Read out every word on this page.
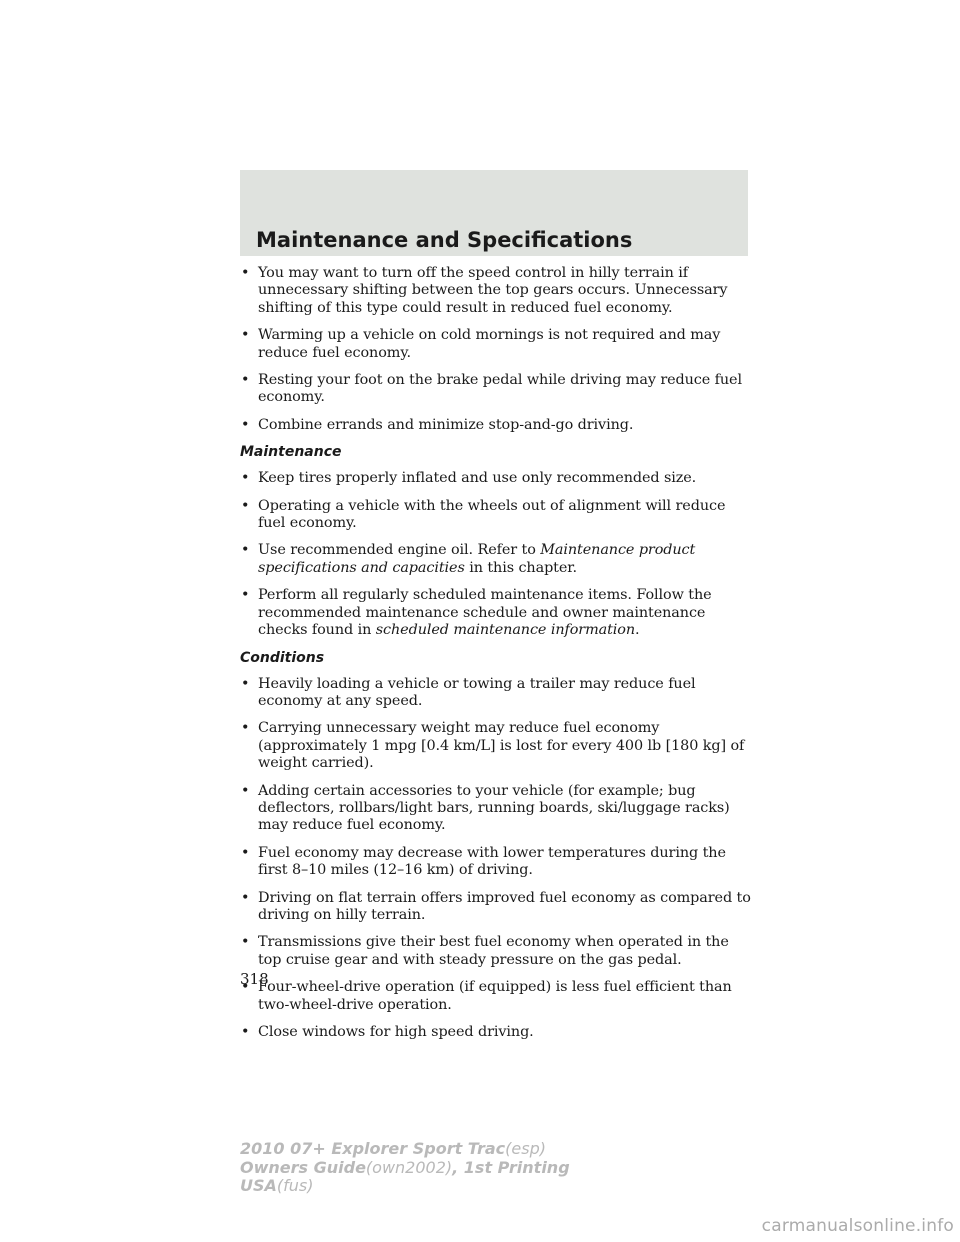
Maintenance and Specifications
• You may want to turn off the speed control in hilly terrain if unnecessary shifting between the top gears occurs. Unnecessary shifting of this type could result in reduced fuel economy.
• Warming up a vehicle on cold mornings is not required and may reduce fuel economy.
• Resting your foot on the brake pedal while driving may reduce fuel economy.
• Combine errands and minimize stop-and-go driving.
Maintenance
• Keep tires properly inflated and use only recommended size.
• Operating a vehicle with the wheels out of alignment will reduce fuel economy.
• Use recommended engine oil. Refer to Maintenance product specifications and capacities in this chapter.
• Perform all regularly scheduled maintenance items. Follow the recommended maintenance schedule and owner maintenance checks found in scheduled maintenance information.
Conditions
• Heavily loading a vehicle or towing a trailer may reduce fuel economy at any speed.
• Carrying unnecessary weight may reduce fuel economy (approximately 1 mpg [0.4 km/L] is lost for every 400 lb [180 kg] of weight carried).
• Adding certain accessories to your vehicle (for example; bug deflectors, rollbars/light bars, running boards, ski/luggage racks) may reduce fuel economy.
• Fuel economy may decrease with lower temperatures during the first 8–10 miles (12–16 km) of driving.
• Driving on flat terrain offers improved fuel economy as compared to driving on hilly terrain.
• Transmissions give their best fuel economy when operated in the top cruise gear and with steady pressure on the gas pedal.
• Four-wheel-drive operation (if equipped) is less fuel efficient than two-wheel-drive operation.
• Close windows for high speed driving.
318
2010 07+ Explorer Sport Trac(esp)
Owners Guide(own2002), 1st Printing
USA(fus)
carmanualsonline.info
